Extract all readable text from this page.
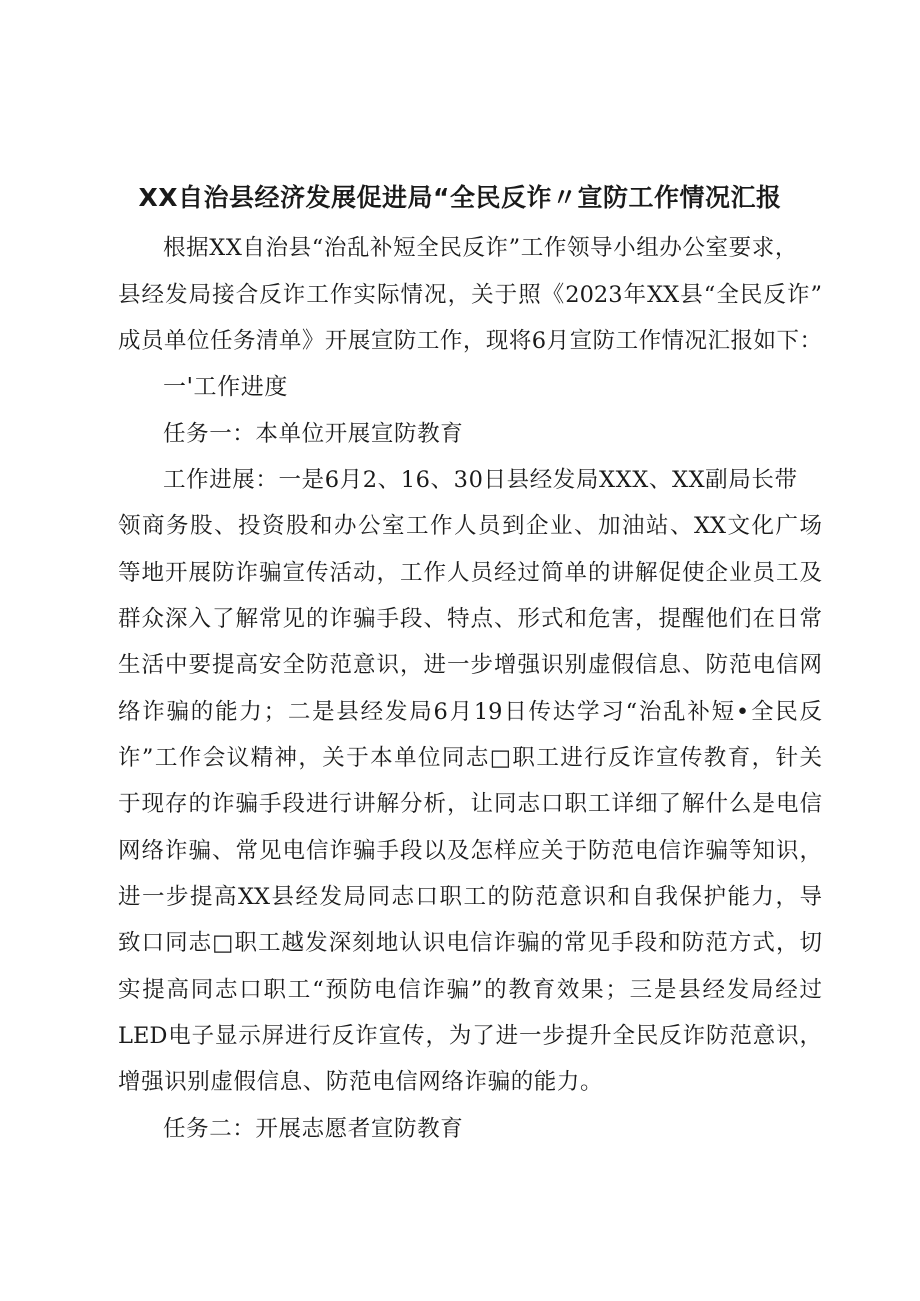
XX自治县经济发展促进局“全民反诈〃宣防工作情况汇报
根据XX自治县“治乱补短全民反诈”工作领导小组办公室要求，
县经发局接合反诈工作实际情况，关于照《2023年XX县“全民反诈”
成员单位任务清单》开展宣防工作，现将6月宣防工作情况汇报如下：
一'工作进度
任务一：本单位开展宣防教育
工作进展：一是6月2、16、30日县经发局XXX、XX副局长带
领商务股、投资股和办公室工作人员到企业、加油站、XX文化广场
等地开展防诈骗宣传活动，工作人员经过简单的讲解促使企业员工及
群众深入了解常见的诈骗手段、特点、形式和危害，提醒他们在日常
生活中要提高安全防范意识，进一步增强识别虚假信息、防范电信网
络诈骗的能力；二是县经发局6月19日传达学习“治乱补短•全民反
诈”工作会议精神，关于本单位同志□职工进行反诈宣传教育，针关
于现存的诈骗手段进行讲解分析，让同志口职工详细了解什么是电信
网络诈骗、常见电信诈骗手段以及怎样应关于防范电信诈骗等知识，
进一步提高XX县经发局同志口职工的防范意识和自我保护能力，导
致口同志□职工越发深刻地认识电信诈骗的常见手段和防范方式，切
实提高同志口职工“预防电信诈骗”的教育效果；三是县经发局经过
LED电子显示屏进行反诈宣传，为了进一步提升全民反诈防范意识，
增强识别虚假信息、防范电信网络诈骗的能力。
任务二：开展志愿者宣防教育
